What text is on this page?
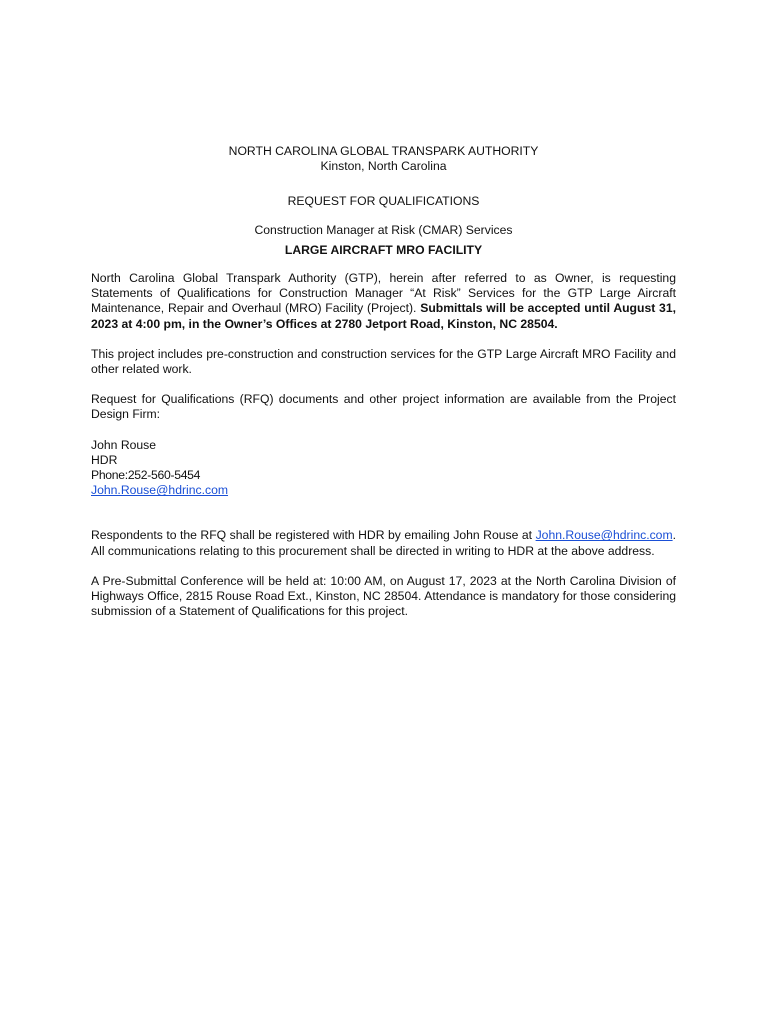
NORTH CAROLINA GLOBAL TRANSPARK AUTHORITY
Kinston, North Carolina
REQUEST FOR QUALIFICATIONS
Construction Manager at Risk (CMAR) Services
LARGE AIRCRAFT MRO FACILITY

North Carolina Global Transpark Authority (GTP), herein after referred to as Owner, is requesting Statements of Qualifications for Construction Manager “At Risk” Services for the GTP Large Aircraft Maintenance, Repair and Overhaul (MRO) Facility (Project). Submittals will be accepted until August 31, 2023 at 4:00 pm, in the Owner’s Offices at 2780 Jetport Road, Kinston, NC 28504.

This project includes pre-construction and construction services for the GTP Large Aircraft MRO Facility and other related work.

Request for Qualifications (RFQ) documents and other project information are available from the Project Design Firm:

John Rouse
HDR
Phone:252-560-5454
John.Rouse@hdrinc.com

Respondents to the RFQ shall be registered with HDR by emailing John Rouse at John.Rouse@hdrinc.com. All communications relating to this procurement shall be directed in writing to HDR at the above address.

A Pre-Submittal Conference will be held at: 10:00 AM, on August 17, 2023 at the North Carolina Division of Highways Office, 2815 Rouse Road Ext., Kinston, NC 28504. Attendance is mandatory for those considering submission of a Statement of Qualifications for this project.
